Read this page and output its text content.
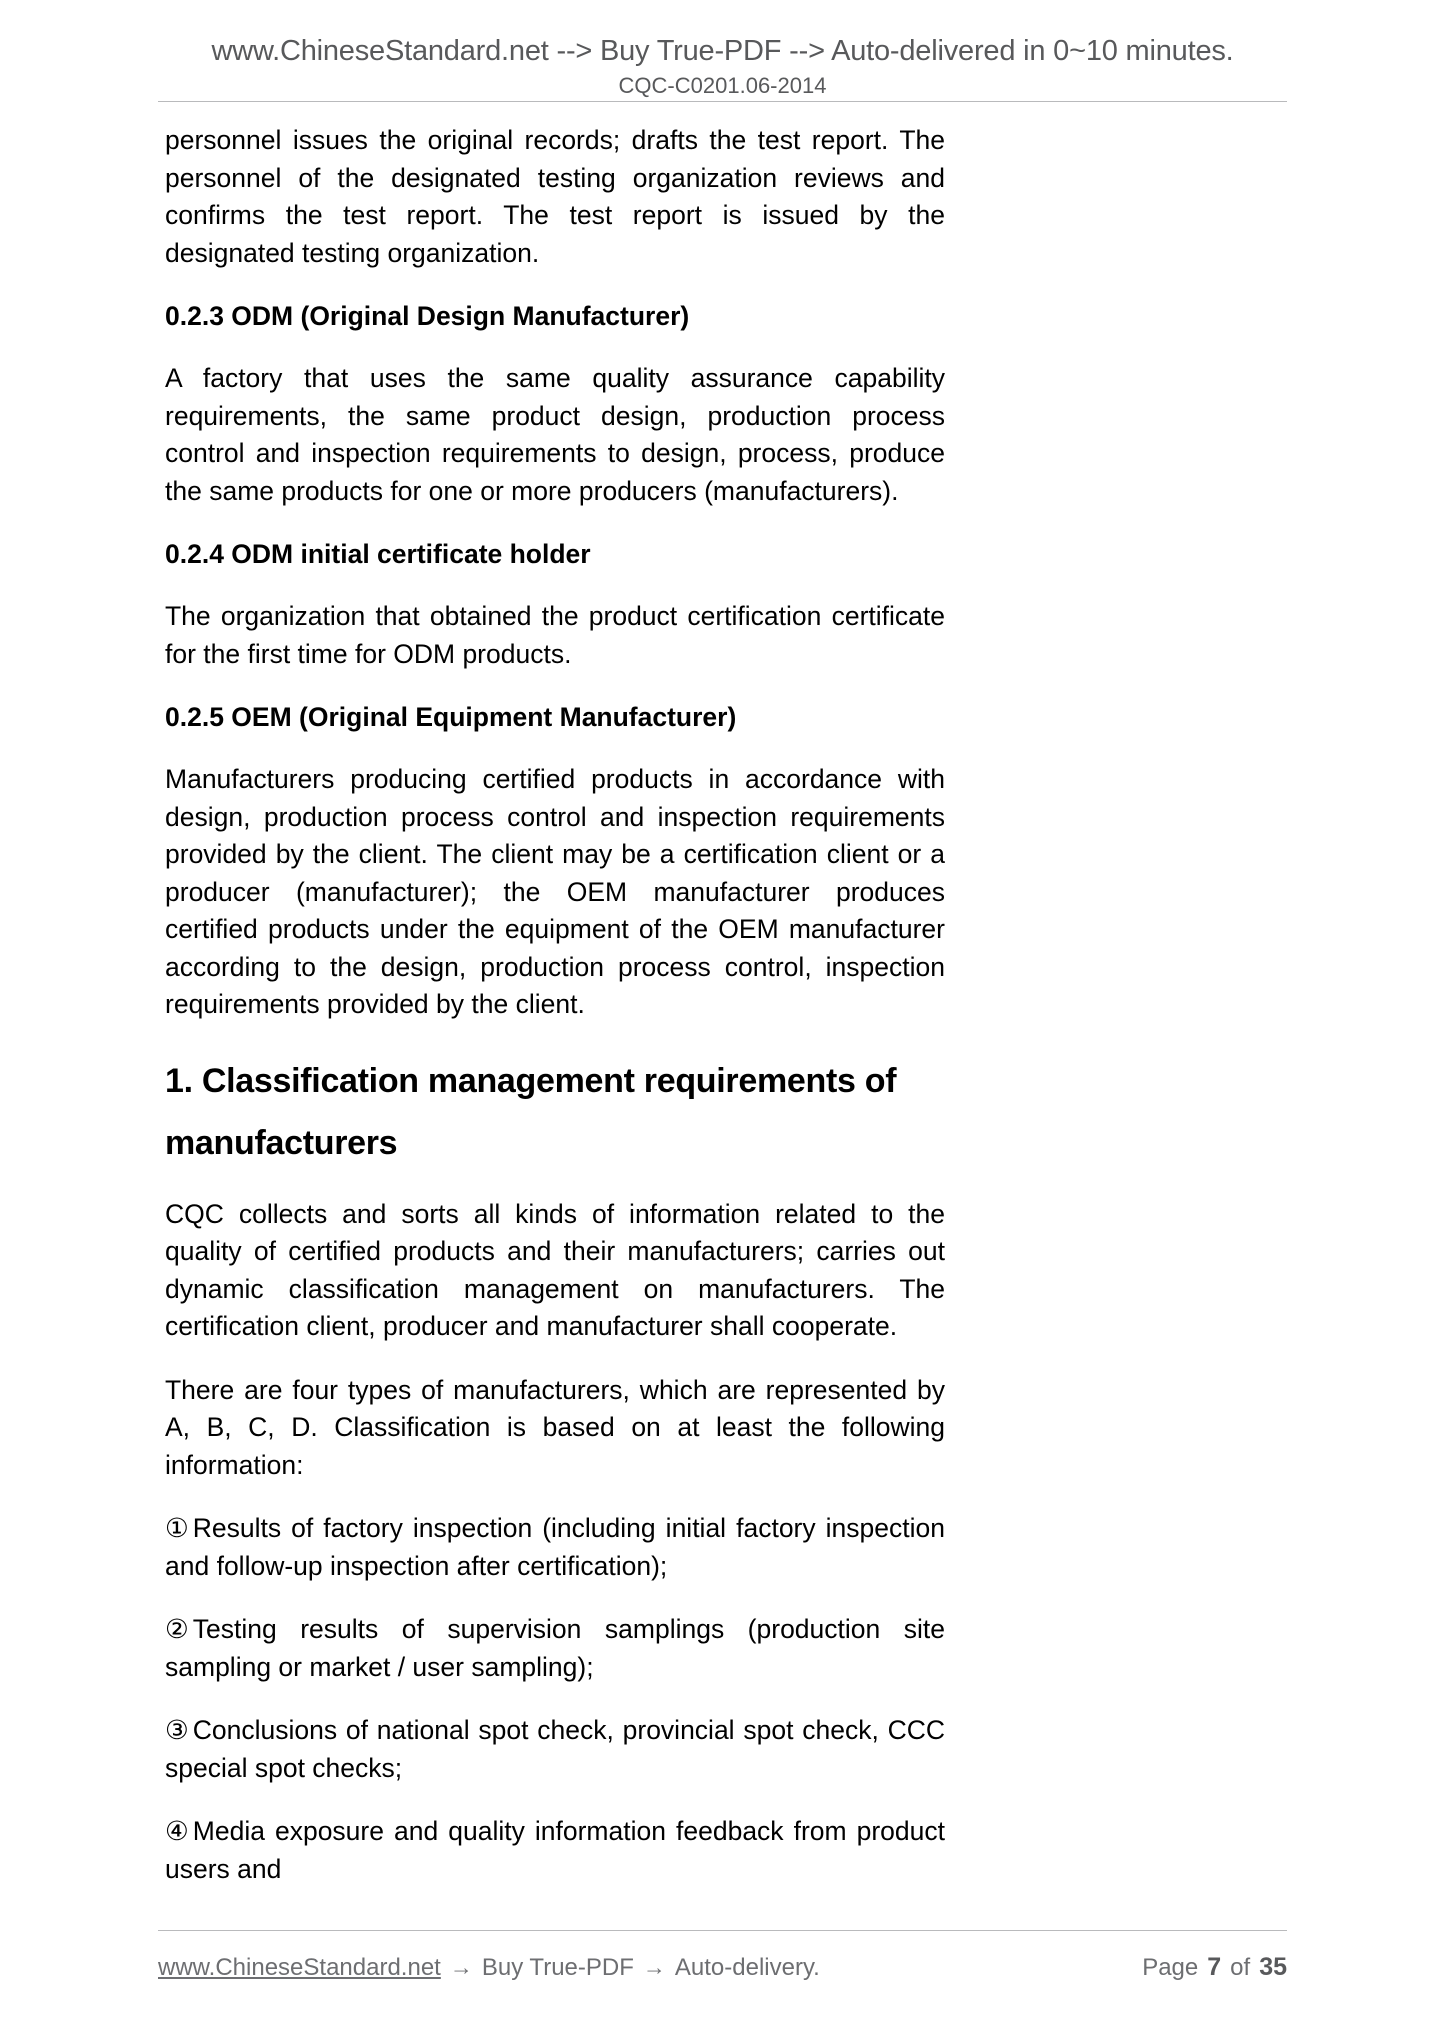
www.ChineseStandard.net --> Buy True-PDF --> Auto-delivered in 0~10 minutes.
CQC-C0201.06-2014

personnel issues the original records; drafts the test report. The personnel of the designated testing organization reviews and confirms the test report. The test report is issued by the designated testing organization.

0.2.3 ODM (Original Design Manufacturer)

A factory that uses the same quality assurance capability requirements, the same product design, production process control and inspection requirements to design, process, produce the same products for one or more producers (manufacturers).

0.2.4 ODM initial certificate holder

The organization that obtained the product certification certificate for the first time for ODM products.

0.2.5 OEM (Original Equipment Manufacturer)

Manufacturers producing certified products in accordance with design, production process control and inspection requirements provided by the client. The client may be a certification client or a producer (manufacturer); the OEM manufacturer produces certified products under the equipment of the OEM manufacturer according to the design, production process control, inspection requirements provided by the client.

1. Classification management requirements of
manufacturers

CQC collects and sorts all kinds of information related to the quality of certified products and their manufacturers; carries out dynamic classification management on manufacturers. The certification client, producer and manufacturer shall cooperate.

There are four types of manufacturers, which are represented by A, B, C, D. Classification is based on at least the following information:

① Results of factory inspection (including initial factory inspection and follow-up inspection after certification);
② Testing results of supervision samplings (production site sampling or market / user sampling);
③ Conclusions of national spot check, provincial spot check, CCC special spot checks;
④ Media exposure and quality information feedback from product users and
www.ChineseStandard.net → Buy True-PDF → Auto-delivery.	Page 7 of 35
